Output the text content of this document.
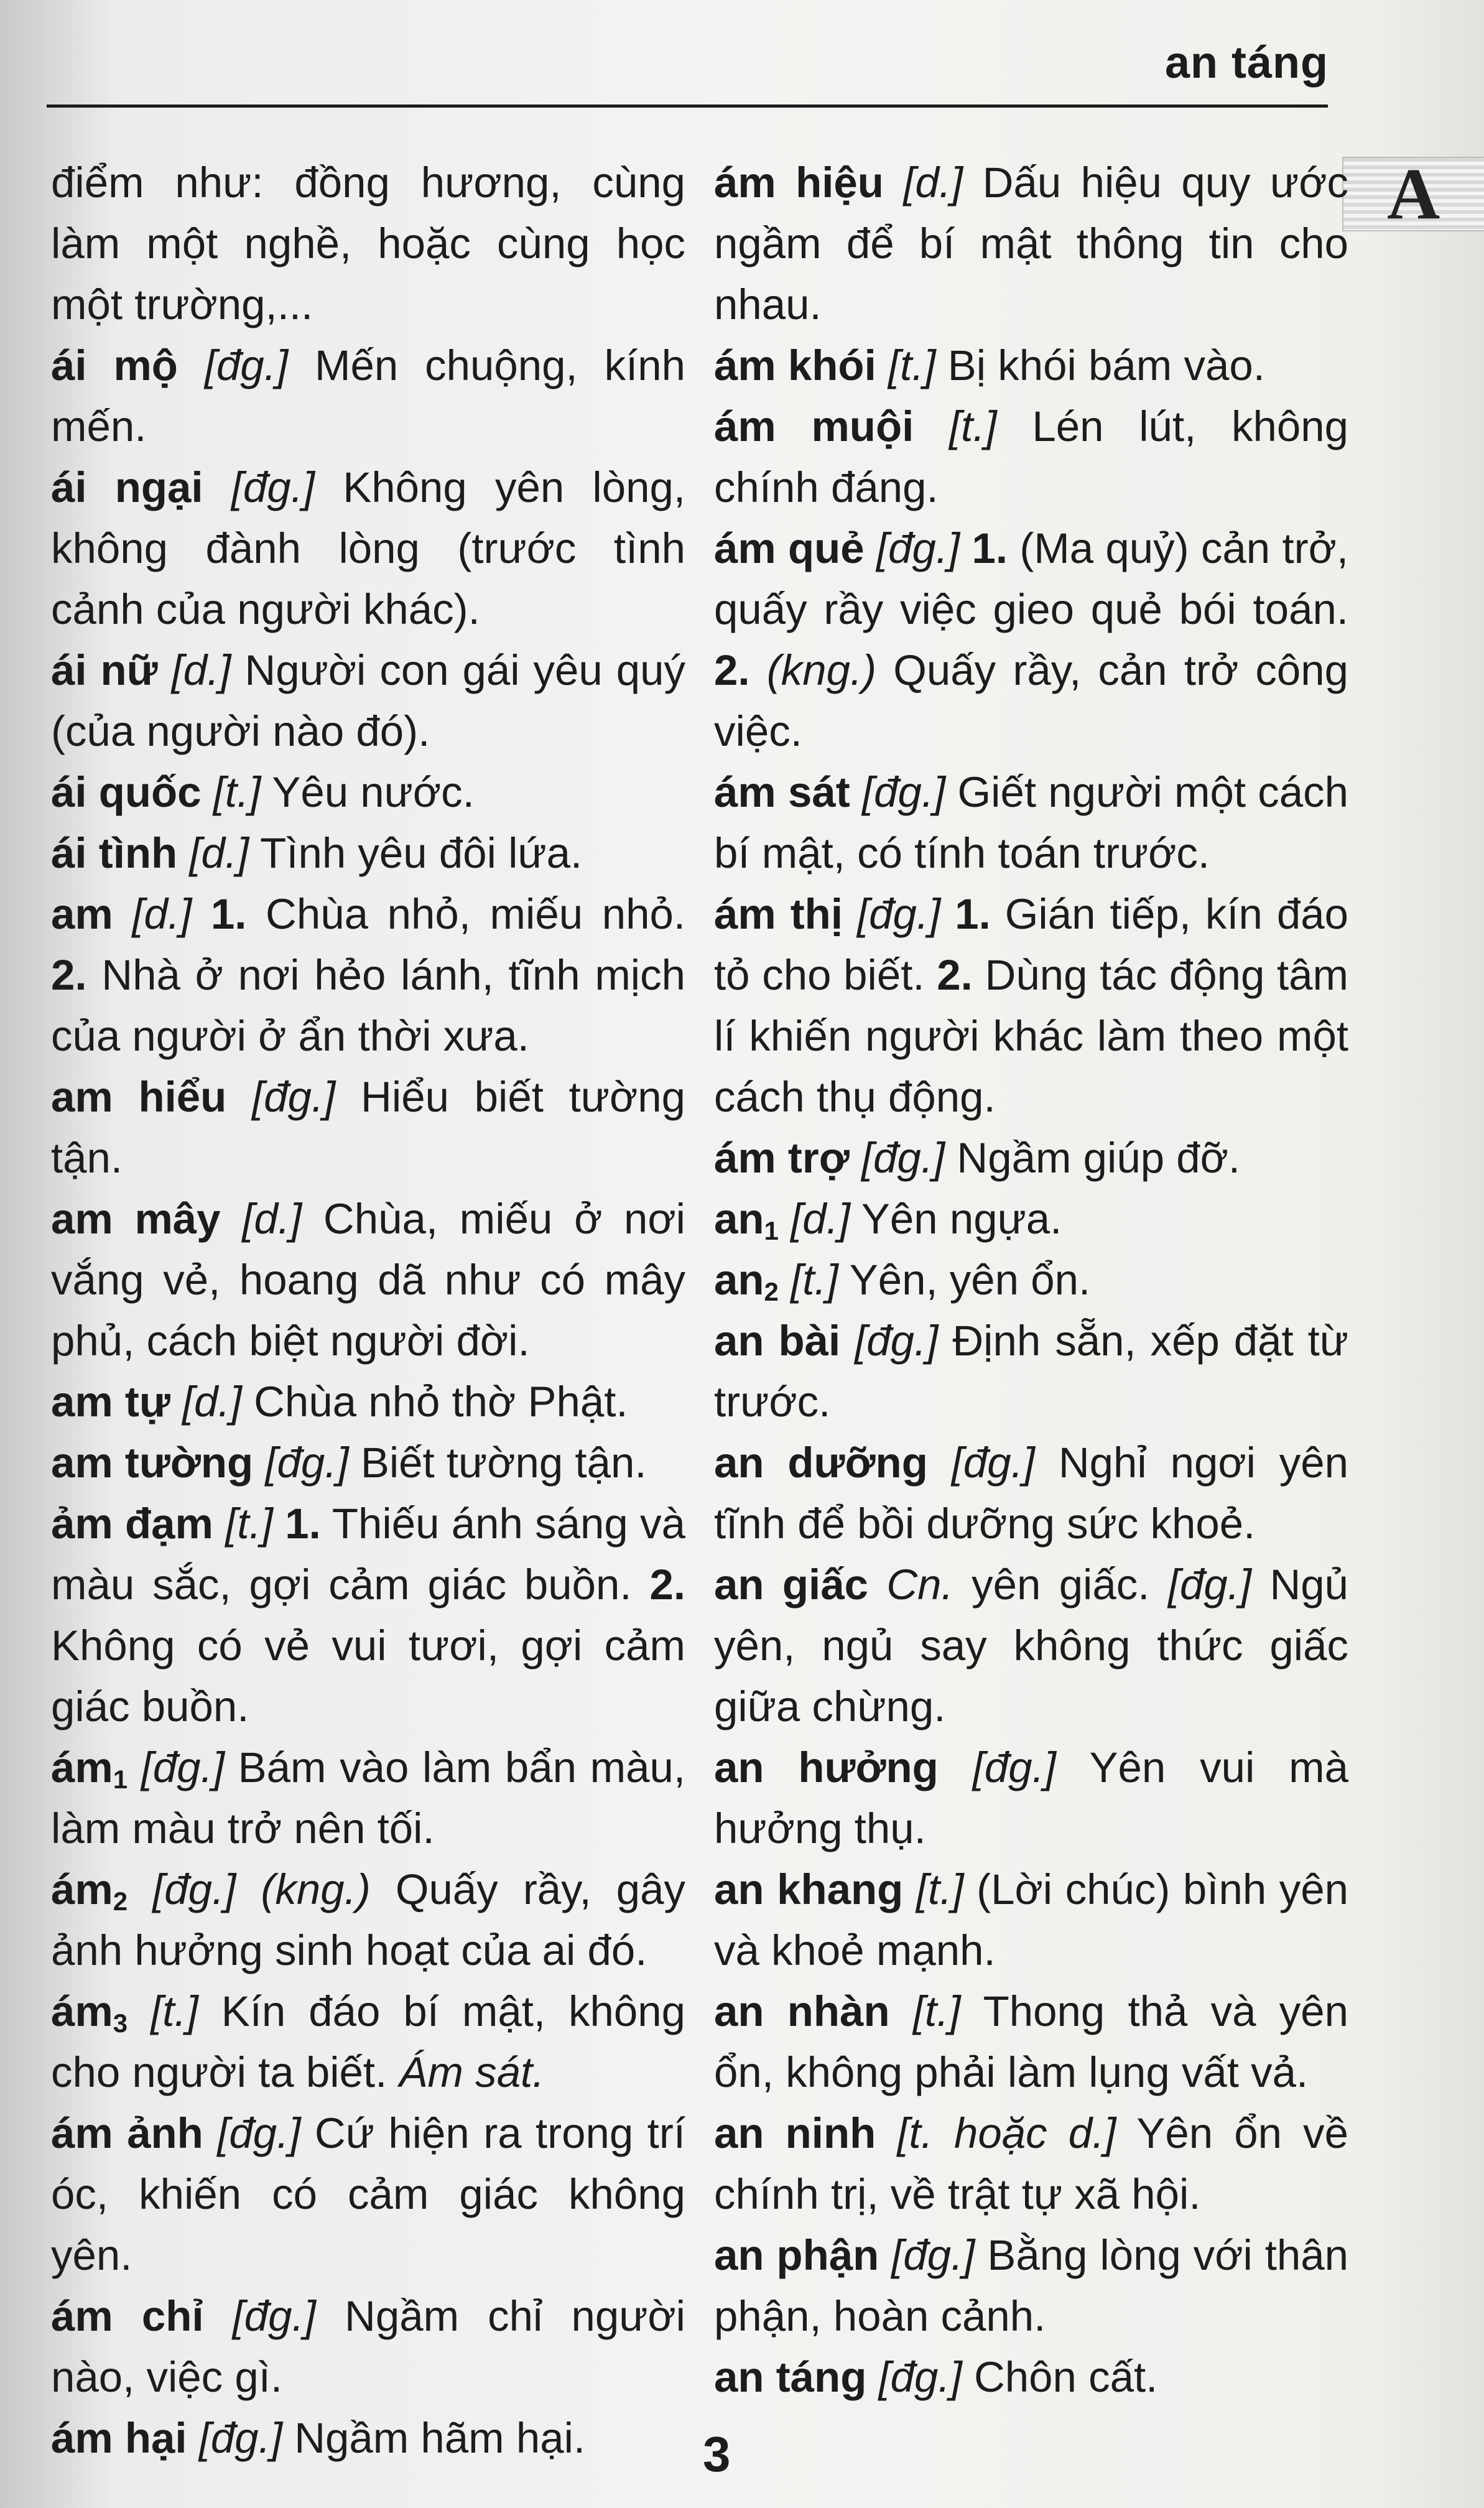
an táng
A

điểm như: đồng hương, cùng làm một nghề, hoặc cùng học một trường,...

ái mộ [đg.] Mến chuộng, kính mến.

ái ngại [đg.] Không yên lòng, không đành lòng (trước tình cảnh của người khác).

ái nữ [d.] Người con gái yêu quý (của người nào đó).

ái quốc [t.] Yêu nước.

ái tình [d.] Tình yêu đôi lứa.

am [d.] 1. Chùa nhỏ, miếu nhỏ. 2. Nhà ở nơi hẻo lánh, tĩnh mịch của người ở ẩn thời xưa.

am hiểu [đg.] Hiểu biết tường tận.

am mây [d.] Chùa, miếu ở nơi vắng vẻ, hoang dã như có mây phủ, cách biệt người đời.

am tự [d.] Chùa nhỏ thờ Phật.

am tường [đg.] Biết tường tận.

ảm đạm [t.] 1. Thiếu ánh sáng và màu sắc, gợi cảm giác buồn. 2. Không có vẻ vui tươi, gợi cảm giác buồn.

$ám_1$ [đg.] Bám vào làm bẩn màu, làm màu trở nên tối.

$ám_2$ [đg.] (kng.) Quấy rầy, gây ảnh hưởng sinh hoạt của ai đó.

$ám_3$ [t.] Kín đáo bí mật, không cho người ta biết. Ám sát.

ám ảnh [đg.] Cứ hiện ra trong trí óc, khiến có cảm giác không yên.

ám chỉ [đg.] Ngầm chỉ người nào, việc gì.

ám hại [đg.] Ngầm hãm hại.

ám hiệu [d.] Dấu hiệu quy ước ngầm để bí mật thông tin cho nhau.

ám khói [t.] Bị khói bám vào.

ám muội [t.] Lén lút, không chính đáng.

ám quẻ [đg.] 1. (Ma quỷ) cản trở, quấy rầy việc gieo quẻ bói toán. 2. (kng.) Quấy rầy, cản trở công việc.

ám sát [đg.] Giết người một cách bí mật, có tính toán trước.

ám thị [đg.] 1. Gián tiếp, kín đáo tỏ cho biết. 2. Dùng tác động tâm lí khiến người khác làm theo một cách thụ động.

ám trợ [đg.] Ngầm giúp đỡ.

$an_1$ [d.] Yên ngựa.

$an_2$ [t.] Yên, yên ổn.

an bài [đg.] Định sẵn, xếp đặt từ trước.

an dưỡng [đg.] Nghỉ ngơi yên tĩnh để bồi dưỡng sức khoẻ.

an giấc Cn. yên giấc. [đg.] Ngủ yên, ngủ say không thức giấc giữa chừng.

an hưởng [đg.] Yên vui mà hưởng thụ.

an khang [t.] (Lời chúc) bình yên và khoẻ mạnh.

an nhàn [t.] Thong thả và yên ổn, không phải làm lụng vất vả.

an ninh [t. hoặc d.] Yên ổn về chính trị, về trật tự xã hội.

an phận [đg.] Bằng lòng với thân phận, hoàn cảnh.

an táng [đg.] Chôn cất.

3
